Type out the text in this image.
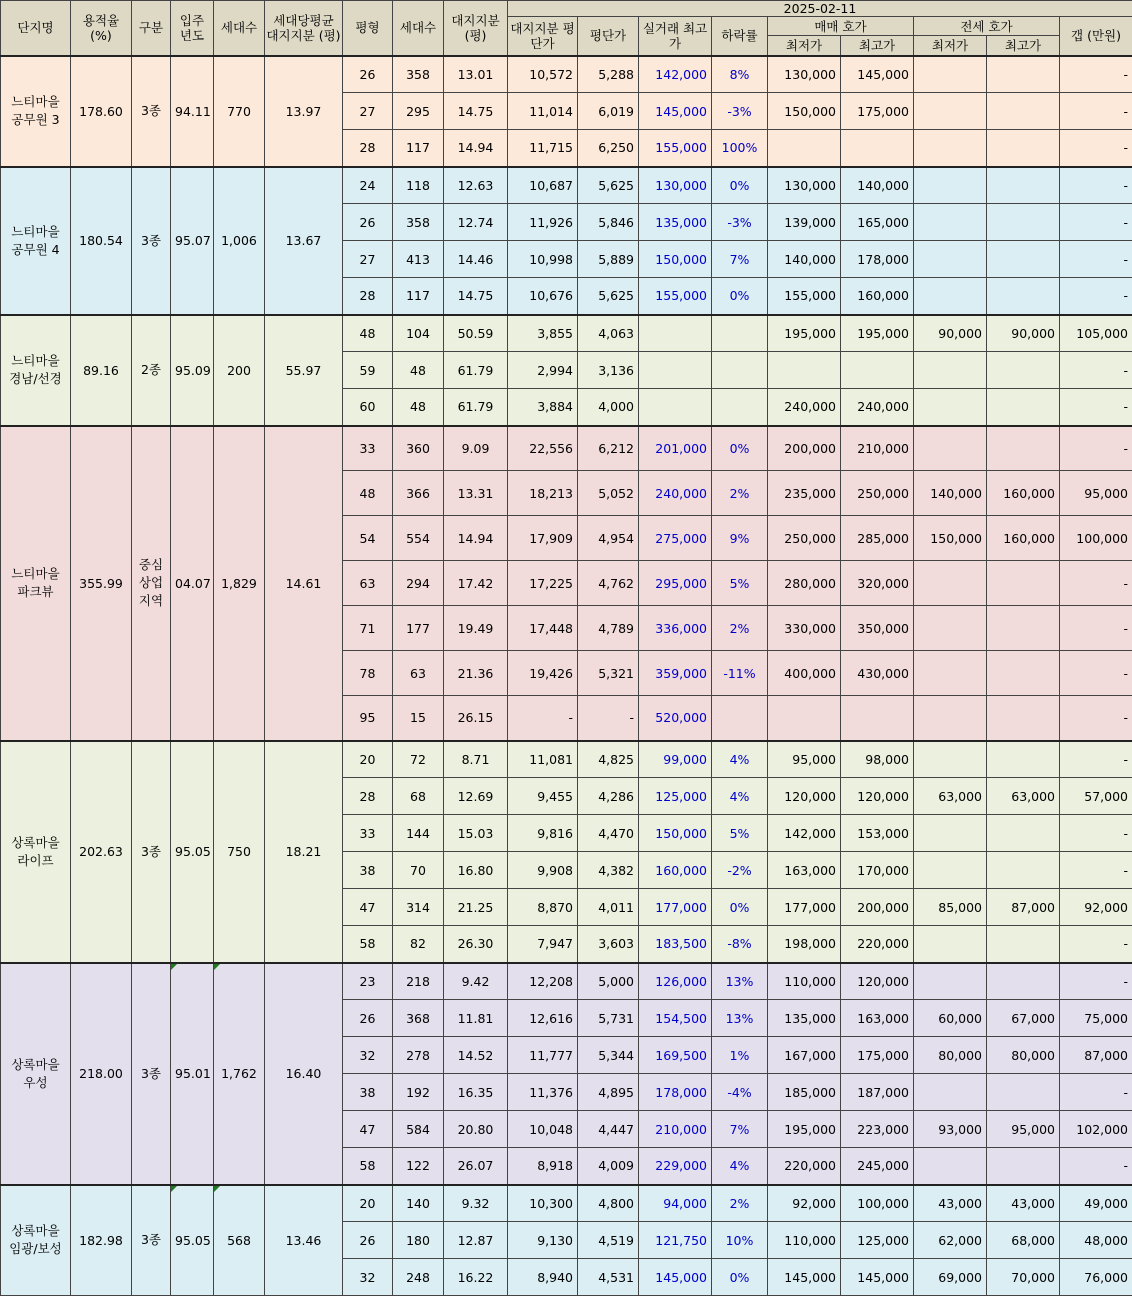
단지명	용적율 (%)	구분	입주 년도	세대수	세대당평균 대지지분 (평)	평형	세대수	대지지분 (평)	2025-02-11								
									대지지분 평단가	평단가	실거래 최고가	하락률	매매 호가		전세 호가		갭 (만원)
													최저가	최고가	최저가	최고가	
느티마을 공무원 3	178.60	3종	94.11	770	13.97	26	358	13.01	10,572	5,288	142,000	8%	130,000	145,000			-
						27	295	14.75	11,014	6,019	145,000	-3%	150,000	175,000			-
						28	117	14.94	11,715	6,250	155,000	100%					-
느티마을 공무원 4	180.54	3종	95.07	1,006	13.67	24	118	12.63	10,687	5,625	130,000	0%	130,000	140,000			-
						26	358	12.74	11,926	5,846	135,000	-3%	139,000	165,000			-
						27	413	14.46	10,998	5,889	150,000	7%	140,000	178,000			-
						28	117	14.75	10,676	5,625	155,000	0%	155,000	160,000			-
느티마을 경남/선경	89.16	2종	95.09	200	55.97	48	104	50.59	3,855	4,063			195,000	195,000	90,000	90,000	105,000
						59	48	61.79	2,994	3,136							-
						60	48	61.79	3,884	4,000			240,000	240,000			-
느티마을 파크뷰	355.99	중심 상업 지역	04.07	1,829	14.61	33	360	9.09	22,556	6,212	201,000	0%	200,000	210,000			-
						48	366	13.31	18,213	5,052	240,000	2%	235,000	250,000	140,000	160,000	95,000
						54	554	14.94	17,909	4,954	275,000	9%	250,000	285,000	150,000	160,000	100,000
						63	294	17.42	17,225	4,762	295,000	5%	280,000	320,000			-
						71	177	19.49	17,448	4,789	336,000	2%	330,000	350,000			-
						78	63	21.36	19,426	5,321	359,000	-11%	400,000	430,000			-
						95	15	26.15	-	-	520,000						-
상록마을 라이프	202.63	3종	95.05	750	18.21	20	72	8.71	11,081	4,825	99,000	4%	95,000	98,000			-
						28	68	12.69	9,455	4,286	125,000	4%	120,000	120,000	63,000	63,000	57,000
						33	144	15.03	9,816	4,470	150,000	5%	142,000	153,000			-
						38	70	16.80	9,908	4,382	160,000	-2%	163,000	170,000			-
						47	314	21.25	8,870	4,011	177,000	0%	177,000	200,000	85,000	87,000	92,000
						58	82	26.30	7,947	3,603	183,500	-8%	198,000	220,000			-
상록마을 우성	218.00	3종	95.01	1,762	16.40	23	218	9.42	12,208	5,000	126,000	13%	110,000	120,000			-
						26	368	11.81	12,616	5,731	154,500	13%	135,000	163,000	60,000	67,000	75,000
						32	278	14.52	11,777	5,344	169,500	1%	167,000	175,000	80,000	80,000	87,000
						38	192	16.35	11,376	4,895	178,000	-4%	185,000	187,000			-
						47	584	20.80	10,048	4,447	210,000	7%	195,000	223,000	93,000	95,000	102,000
						58	122	26.07	8,918	4,009	229,000	4%	220,000	245,000			-
상록마을 임광/보성	182.98	3종	95.05	568	13.46	20	140	9.32	10,300	4,800	94,000	2%	92,000	100,000	43,000	43,000	49,000
						26	180	12.87	9,130	4,519	121,750	10%	110,000	125,000	62,000	68,000	48,000
						32	248	16.22	8,940	4,531	145,000	0%	145,000	145,000	69,000	70,000	76,000
